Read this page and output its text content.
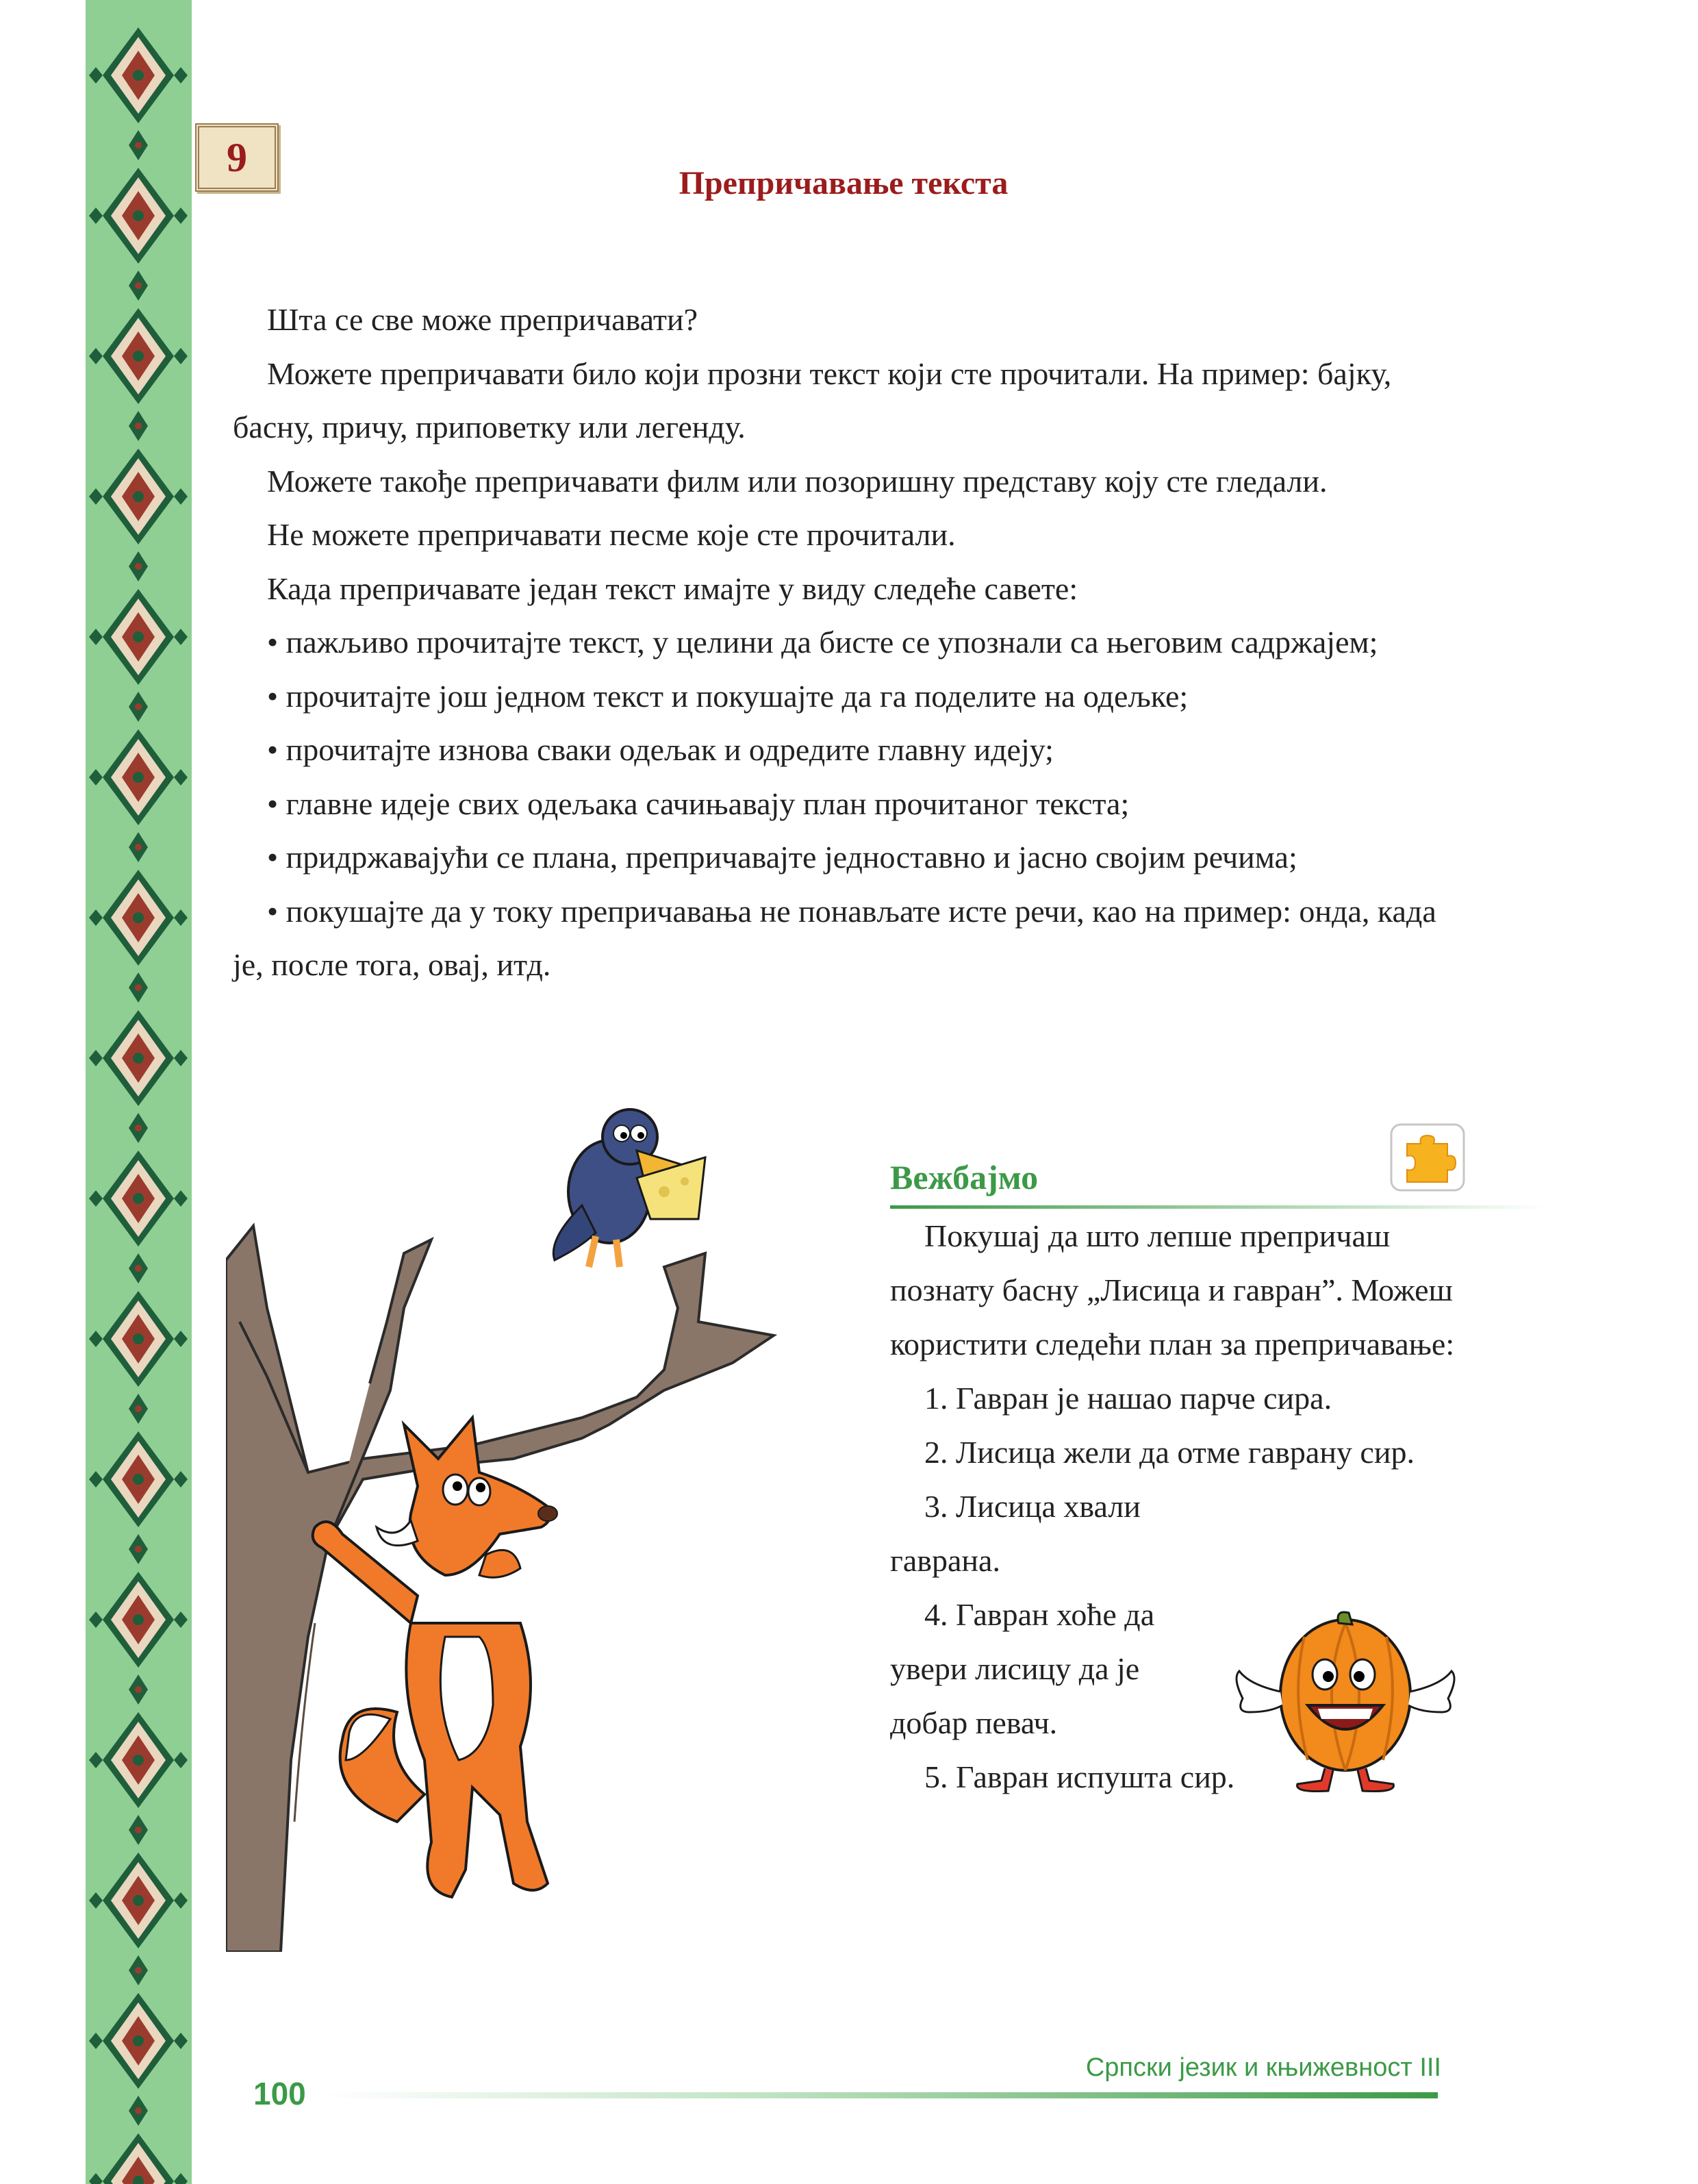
9
Препричавање текста

Шта се све може препричавати?

Можете препричавати било који прозни текст који сте прочитали. На пример: бајку, басну, причу, приповетку или легенду.

Можете такође препричавати филм или позоришну представу коју сте гледали.

Не можете препричавати песме које сте прочитали.

Када препричавате један текст имајте у виду следеће савете:

• пажљиво прочитајте текст, у целини да бисте се упознали са његовим садржајем;

• прочитајте још једном текст и покушајте да га поделите на одељке;

• прочитајте изнова сваки одељак и одредите главну идеју;

• главне идеје свих одељака сачињавају план прочитаног текста;

• придржавајући се плана, препричавајте једноставно и јасно својим речима;

• покушајте да у току препричавања не понављате исте речи, као на пример: онда, када је, после тога, овај, итд.

Вежбајмо

Покушај да што лепше препричаш познату басну „Лисица и гавран”. Можеш користити следећи план за препричавање:

1. Гавран је нашао парче сира.

2. Лисица жели да отме гаврану сир.

3. Лисица хвали гаврана.

4. Гавран хоће да увери лисицу да је добар певач.

5. Гавран испушта сир.

100
Српски језик и књижевност III
